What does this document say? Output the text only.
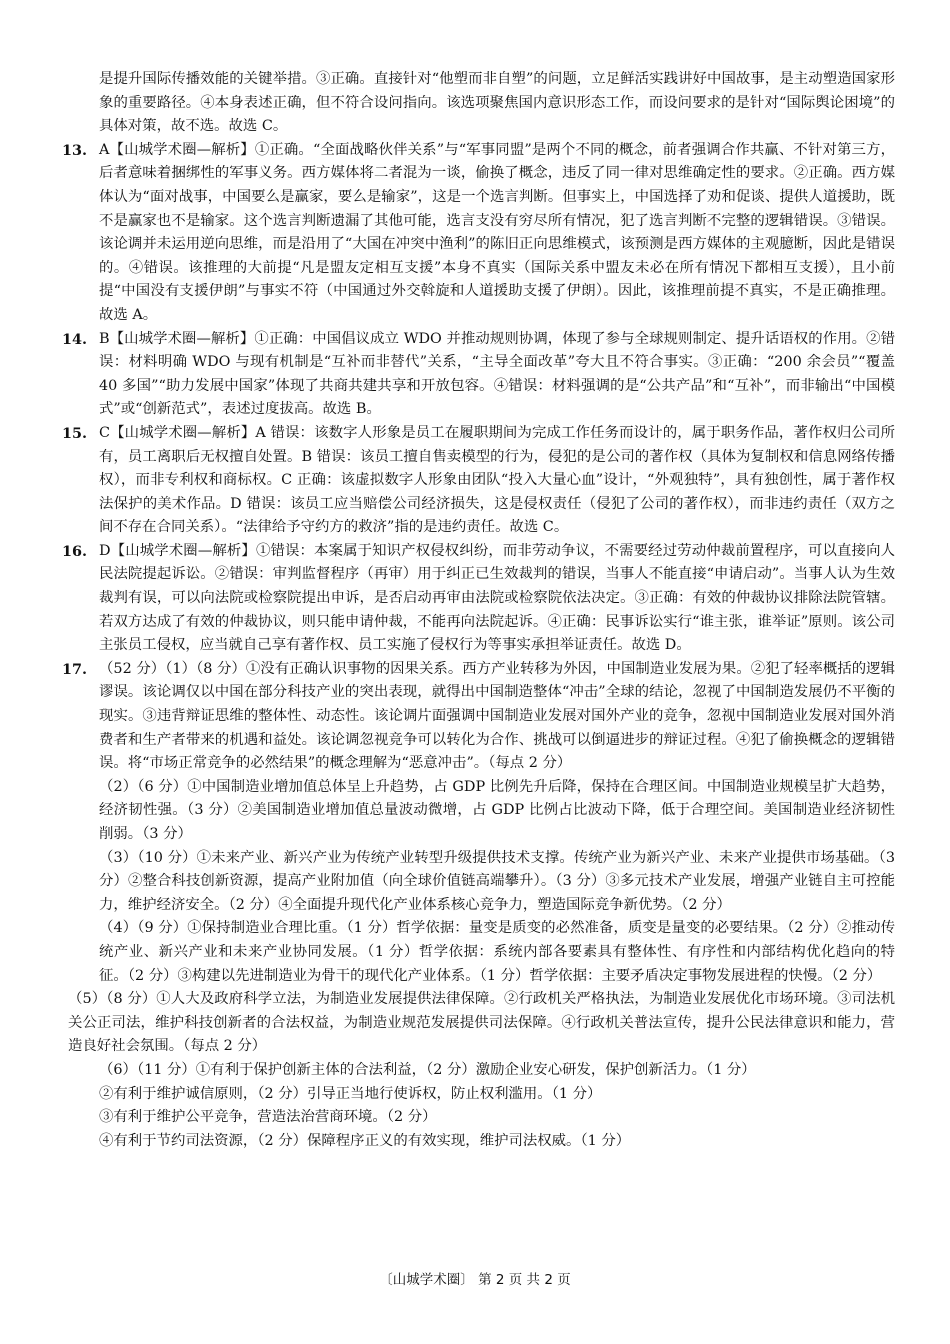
是提升国际传播效能的关键举措。③正确。直接针对“他塑而非自塑”的问题，立足鲜活实践讲好中国故事，是主动塑造国家形象的重要路径。④本身表述正确，但不符合设问指向。该选项聚焦国内意识形态工作，而设问要求的是针对“国际舆论困境”的具体对策，故不选。故选 C。

13. A【山城学术圈—解析】①正确。“全面战略伙伴关系”与“军事同盟”是两个不同的概念，前者强调合作共赢、不针对第三方，后者意味着捆绑性的军事义务。西方媒体将二者混为一谈，偷换了概念，违反了同一律对思维确定性的要求。②正确。西方媒体认为“面对战事，中国要么是赢家，要么是输家”，这是一个选言判断。但事实上，中国选择了劝和促谈、提供人道援助，既不是赢家也不是输家。这个选言判断遗漏了其他可能，选言支没有穷尽所有情况，犯了选言判断不完整的逻辑错误。③错误。该论调并未运用逆向思维，而是沿用了“大国在冲突中渔利”的陈旧正向思维模式，该预测是西方媒体的主观臆断，因此是错误的。④错误。该推理的大前提“凡是盟友定相互支援”本身不真实（国际关系中盟友未必在所有情况下都相互支援），且小前提“中国没有支援伊朗”与事实不符（中国通过外交斡旋和人道援助支援了伊朗）。因此，该推理前提不真实，不是正确推理。故选 A。

14. B【山城学术圈—解析】①正确：中国倡议成立 WDO 并推动规则协调，体现了参与全球规则制定、提升话语权的作用。②错误：材料明确 WDO 与现有机制是“互补而非替代”关系，“主导全面改革”夸大且不符合事实。③正确：“200 余会员”“覆盖 40 多国”“助力发展中国家”体现了共商共建共享和开放包容。④错误：材料强调的是“公共产品”和“互补”，而非输出“中国模式”或“创新范式”，表述过度拔高。故选 B。

15. C【山城学术圈—解析】A 错误：该数字人形象是员工在履职期间为完成工作任务而设计的，属于职务作品，著作权归公司所有，员工离职后无权擅自处置。B 错误：该员工擅自售卖模型的行为，侵犯的是公司的著作权（具体为复制权和信息网络传播权），而非专利权和商标权。C 正确：该虚拟数字人形象由团队“投入大量心血”设计，“外观独特”，具有独创性，属于著作权法保护的美术作品。D 错误：该员工应当赔偿公司经济损失，这是侵权责任（侵犯了公司的著作权），而非违约责任（双方之间不存在合同关系）。“法律给予守约方的救济”指的是违约责任。故选 C。

16. D【山城学术圈—解析】①错误：本案属于知识产权侵权纠纷，而非劳动争议，不需要经过劳动仲裁前置程序，可以直接向人民法院提起诉讼。②错误：审判监督程序（再审）用于纠正已生效裁判的错误，当事人不能直接“申请启动”。当事人认为生效裁判有误，可以向法院或检察院提出申诉，是否启动再审由法院或检察院依法决定。③正确：有效的仲裁协议排除法院管辖。若双方达成了有效的仲裁协议，则只能申请仲裁，不能再向法院起诉。④正确：民事诉讼实行“谁主张，谁举证”原则。该公司主张员工侵权，应当就自己享有著作权、员工实施了侵权行为等事实承担举证责任。故选 D。

17. （52 分）（1）（8 分）①没有正确认识事物的因果关系。西方产业转移为外因，中国制造业发展为果。②犯了轻率概括的逻辑谬误。该论调仅以中国在部分科技产业的突出表现，就得出中国制造整体“冲击”全球的结论，忽视了中国制造发展仍不平衡的现实。③违背辩证思维的整体性、动态性。该论调片面强调中国制造业发展对国外产业的竞争，忽视中国制造业发展对国外消费者和生产者带来的机遇和益处。该论调忽视竞争可以转化为合作、挑战可以倒逼进步的辩证过程。④犯了偷换概念的逻辑错误。将“市场正常竞争的必然结果”的概念理解为“恶意冲击”。（每点 2 分）

（2）（6 分）①中国制造业增加值总体呈上升趋势，占 GDP 比例先升后降，保持在合理区间。中国制造业规模呈扩大趋势，经济韧性强。（3 分）②美国制造业增加值总量波动微增，占 GDP 比例占比波动下降，低于合理空间。美国制造业经济韧性削弱。（3 分）

（3）（10 分）①未来产业、新兴产业为传统产业转型升级提供技术支撑。传统产业为新兴产业、未来产业提供市场基础。（3 分）②整合科技创新资源，提高产业附加值（向全球价值链高端攀升）。（3 分）③多元技术产业发展，增强产业链自主可控能力，维护经济安全。（2 分）④全面提升现代化产业体系核心竞争力，塑造国际竞争新优势。（2 分）

（4）（9 分）①保持制造业合理比重。（1 分）哲学依据：量变是质变的必然准备，质变是量变的必要结果。（2 分）②推动传统产业、新兴产业和未来产业协同发展。（1 分）哲学依据：系统内部各要素具有整体性、有序性和内部结构优化趋向的特征。（2 分）③构建以先进制造业为骨干的现代化产业体系。（1 分）哲学依据：主要矛盾决定事物发展进程的快慢。（2 分）

（5）（8 分）①人大及政府科学立法，为制造业发展提供法律保障。②行政机关严格执法，为制造业发展优化市场环境。③司法机关公正司法，维护科技创新者的合法权益，为制造业规范发展提供司法保障。④行政机关普法宣传，提升公民法律意识和能力，营造良好社会氛围。（每点 2 分）

（6）（11 分）①有利于保护创新主体的合法利益，（2 分）激励企业安心研发，保护创新活力。（1 分）

②有利于维护诚信原则，（2 分）引导正当地行使诉权，防止权利滥用。（1 分）

③有利于维护公平竞争，营造法治营商环境。（2 分）

④有利于节约司法资源，（2 分）保障程序正义的有效实现，维护司法权威。（1 分）

〔山城学术圈〕 第 2 页 共 2 页
